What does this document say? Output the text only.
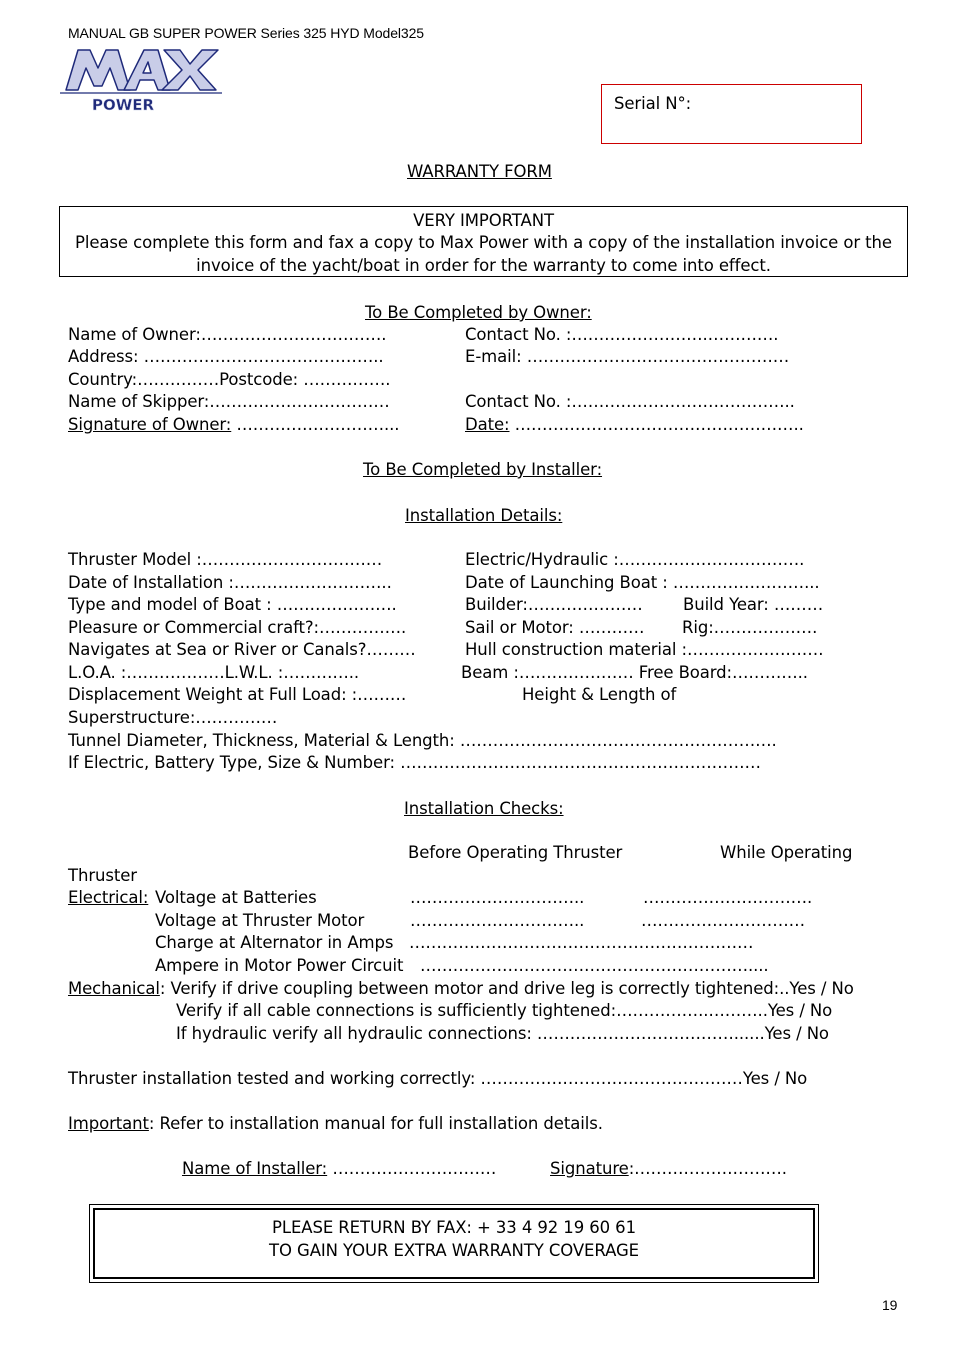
MANUAL GB SUPER POWER Series 325 HYD Model325
POWER	Serial N°:
WARRANTY FORM
VERY IMPORTANT
Please complete this form and fax a copy to Max Power with a copy of the installation invoice or the
invoice of the yacht/boat in order for the warranty to come into effect.
To Be Completed by Owner:
Name of Owner:…………………………….	Contact No. :…………………….………….
Address: ……………………………………..	E-mail: …………………………………………
Country:……………Postcode: …………….
Name of Skipper:……………………………	Contact No. :…………………………………..
Signature of Owner: ………………………...	Date: ……………………………………………..
To Be Completed by Installer:
Installation Details:
Thruster Model :……………………………	Electric/Hydraulic :…………………………….
Date of Installation :………………………..	Date of Launching Boat : ……………………...
Type and model of Boat : ………………….	Builder:………………… Build Year: ………
Pleasure or Commercial craft?:…………….	Sail or Motor: ………… Rig:……………….
Navigates at Sea or River or Canals?………	Hull construction material :…………………….
L.O.A. :………………L.W.L. :…………..	Beam :………………… Free Board:…………..
Displacement Weight at Full Load: :………	Height & Length of
Superstructure:……………
Tunnel Diameter, Thickness, Material & Length: ………………………………………………….
If Electric, Battery Type, Size & Number: …………………………………………………………
Installation Checks:
Before Operating Thruster	While Operating
Thruster
Electrical: Voltage at Batteries	…………………………..	………………………….
Voltage at Thruster Motor	…………………………..	…………………………
Charge at Alternator in Amps ………………………………………………………
Ampere in Motor Power Circuit ……………………………………………………....
Mechanical: Verify if drive coupling between motor and drive leg is correctly tightened:..Yes / No
Verify if all cable connections is sufficiently tightened:……………..………..Yes / No
If hydraulic verify all hydraulic connections: ………………………………......Yes / No
Thruster installation tested and working correctly: …………………………………………Yes / No
Important: Refer to installation manual for full installation details.
Name of Installer: …………………………	Signature:……………………….
PLEASE RETURN BY FAX: + 33 4 92 19 60 61
TO GAIN YOUR EXTRA WARRANTY COVERAGE
19
